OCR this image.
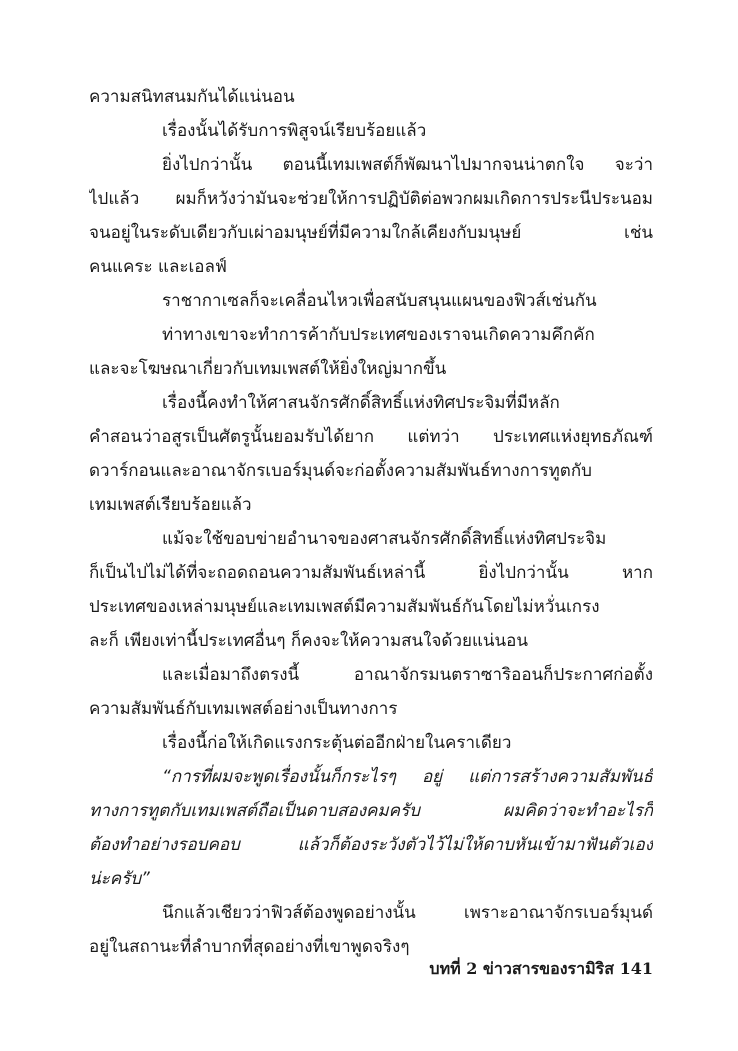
ความสนิทสนมกันได้แน่นอน
เรื่องนั้นได้รับการพิสูจน์เรียบร้อยแล้ว
ยิ่งไปกว่านั้น ตอนนี้เทมเพสต์ก็พัฒนาไปมากจนน่าตกใจ จะว่า
ไปแล้ว ผมก็หวังว่ามันจะช่วยให้การปฏิบัติต่อพวกผมเกิดการประนีประนอม
จนอยู่ในระดับเดียวกับเผ่าอมนุษย์ที่มีความใกล้เคียงกับมนุษย์ เช่น
คนแคระ และเอลฟ์
ราชากาเซลก็จะเคลื่อนไหวเพื่อสนับสนุนแผนของฟิวส์เช่นกัน
ท่าทางเขาจะทำการค้ากับประเทศของเราจนเกิดความคึกคัก
และจะโฆษณาเกี่ยวกับเทมเพสต์ให้ยิ่งใหญ่มากขึ้น
เรื่องนี้คงทำให้ศาสนจักรศักดิ์สิทธิ์แห่งทิศประจิมที่มีหลัก
คำสอนว่าอสูรเป็นศัตรูนั้นยอมรับได้ยาก แต่ทว่า ประเทศแห่งยุทธภัณฑ์
ดวาร์กอนและอาณาจักรเบอร์มุนด์จะก่อตั้งความสัมพันธ์ทางการทูตกับ
เทมเพสต์เรียบร้อยแล้ว
แม้จะใช้ขอบข่ายอำนาจของศาสนจักรศักดิ์สิทธิ์แห่งทิศประจิม
ก็เป็นไปไม่ได้ที่จะถอดถอนความสัมพันธ์เหล่านี้ ยิ่งไปกว่านั้น หาก
ประเทศของเหล่ามนุษย์และเทมเพสต์มีความสัมพันธ์กันโดยไม่หวั่นเกรง
ละก็ เพียงเท่านี้ประเทศอื่นๆ ก็คงจะให้ความสนใจด้วยแน่นอน
และเมื่อมาถึงตรงนี้ อาณาจักรมนตราซาริออนก็ประกาศก่อตั้ง
ความสัมพันธ์กับเทมเพสต์อย่างเป็นทางการ
เรื่องนี้ก่อให้เกิดแรงกระตุ้นต่ออีกฝ่ายในคราเดียว
“การที่ผมจะพูดเรื่องนั้นก็กระไรๆ อยู่ แต่การสร้างความสัมพันธ์
ทางการทูตกับเทมเพสต์ถือเป็นดาบสองคมครับ ผมคิดว่าจะทำอะไรก็
ต้องทำอย่างรอบคอบ แล้วก็ต้องระวังตัวไว้ไม่ให้ดาบหันเข้ามาฟันตัวเอง
น่ะครับ”
นึกแล้วเชียวว่าฟิวส์ต้องพูดอย่างนั้น เพราะอาณาจักรเบอร์มุนด์
อยู่ในสถานะที่ลำบากที่สุดอย่างที่เขาพูดจริงๆ
บทที่ 2 ข่าวสารของรามิริส 141
